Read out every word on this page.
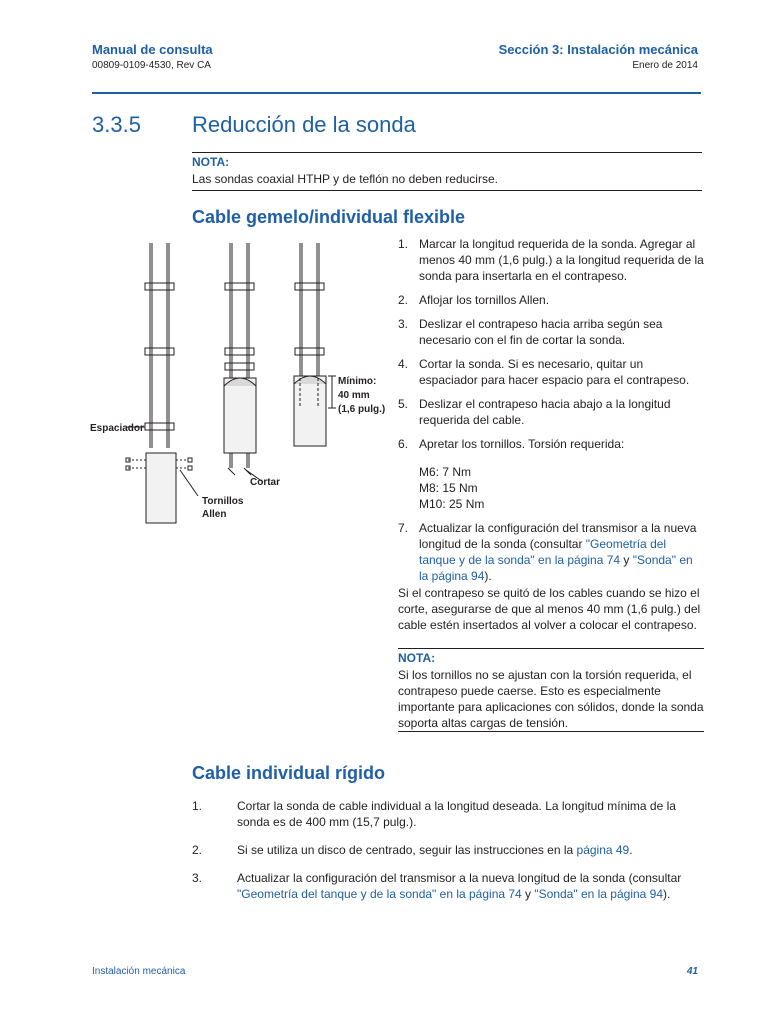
Manual de consulta
00809-0109-4530, Rev CA
Sección 3: Instalación mecánica
Enero de 2014
3.3.5 Reducción de la sonda
NOTA:
Las sondas coaxial HTHP y de teflón no deben reducirse.
Cable gemelo/individual flexible
Espaciador
Cortar
Tornillos
Allen
Mínimo:
40 mm
(1,6 pulg.)
1. Marcar la longitud requerida de la sonda. Agregar al menos 40 mm (1,6 pulg.) a la longitud requerida de la sonda para insertarla en el contrapeso.
2. Aflojar los tornillos Allen.
3. Deslizar el contrapeso hacia arriba según sea necesario con el fin de cortar la sonda.
4. Cortar la sonda. Si es necesario, quitar un espaciador para hacer espacio para el contrapeso.
5. Deslizar el contrapeso hacia abajo a la longitud requerida del cable.
6. Apretar los tornillos. Torsión requerida:
M6: 7 Nm
M8: 15 Nm
M10: 25 Nm
7. Actualizar la configuración del transmisor a la nueva longitud de la sonda (consultar "Geometría del tanque y de la sonda" en la página 74 y "Sonda" en la página 94).
Si el contrapeso se quitó de los cables cuando se hizo el corte, asegurarse de que al menos 40 mm (1,6 pulg.) del cable estén insertados al volver a colocar el contrapeso.
NOTA:
Si los tornillos no se ajustan con la torsión requerida, el contrapeso puede caerse. Esto es especialmente importante para aplicaciones con sólidos, donde la sonda soporta altas cargas de tensión.
Cable individual rígido
1.	Cortar la sonda de cable individual a la longitud deseada. La longitud mínima de la sonda es de 400 mm (15,7 pulg.).
2.	Si se utiliza un disco de centrado, seguir las instrucciones en la página 49.
3.	Actualizar la configuración del transmisor a la nueva longitud de la sonda (consultar "Geometría del tanque y de la sonda" en la página 74 y "Sonda" en la página 94).
Instalación mecánica	41
